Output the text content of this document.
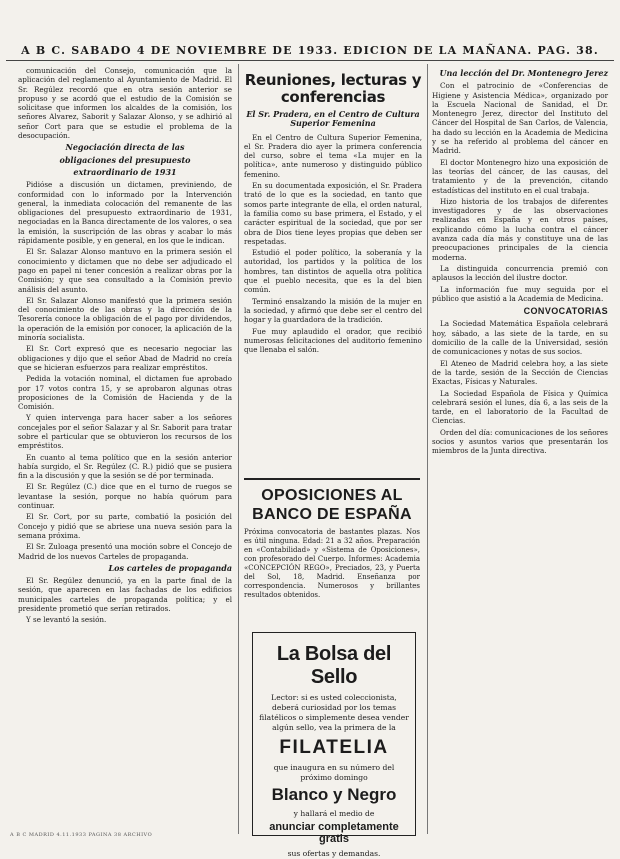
A B C. SABADO 4 DE NOVIEMBRE DE 1933. EDICION DE LA MAÑANA. PAG. 38.

comunicación del Consejo, comunicación que la aplicación del reglamento al Ayuntamiento de Madrid. El Sr. Regúlez recordó que en otra sesión anterior se propuso y se acordó que el estudio de la Comisión se solicitase que informen los alcaldes de la comisión, los señores Alvarez, Saborit y Salazar Alonso, y se adhirió al señor Cort para que se estudie el problema de la desocupación.

Negociación directa de las
obligaciones del presupuesto
extraordinario de 1931

Pidióse a discusión un dictamen, previniendo, de conformidad con lo informado por la Intervención general, la inmediata colocación del remanente de las obligaciones del presupuesto extraordinario de 1931, negociadas en la Banca directamente de los valores, o sea la emisión, la suscripción de las obras y acabar lo más rápidamente posible, y en general, en los que le indican.

El Sr. Salazar Alonso mantuvo en la primera sesión el conocimiento y dictamen que no debe ser adjudicado el pago en papel ni tener concesión a realizar obras por la Comisión; y que sea consultado a la Comisión previo análisis del asunto.

El Sr. Salazar Alonso manifestó que la primera sesión del conocimiento de las obras y la dirección de la Tesorería conoce la obligación de el pago por dividendos, la operación de la emisión por conocer, la aplicación de la minoría socialista.

El Sr. Cort expresó que es necesario negociar las obligaciones y dijo que el señor Abad de Madrid no creía que se hicieran esfuerzos para realizar empréstitos.

Pedida la votación nominal, el dictamen fue aprobado por 17 votos contra 15, y se aprobaron algunas otras proposiciones de la Comisión de Hacienda y de la Comisión.

Y quien intervenga para hacer saber a los señores concejales por el señor Salazar y al Sr. Saborit para tratar sobre el particular que se obtuvieron los recursos de los empréstitos.

En cuanto al tema político que en la sesión anterior había surgido, el Sr. Regúlez (C. R.) pidió que se pusiera fin a la discusión y que la sesión se dé por terminada.

El Sr. Regúlez (C.) dice que en el turno de ruegos se levantase la sesión, porque no había quórum para continuar.

El Sr. Cort, por su parte, combatió la posición del Concejo y pidió que se abriese una nueva sesión para la semana próxima.

El Sr. Zuloaga presentó una moción sobre el Concejo de Madrid de los nuevos Carteles de propaganda.

Los carteles de propaganda

El Sr. Regúlez denunció, ya en la parte final de la sesión, que aparecen en las fachadas de los edificios municipales carteles de propaganda política; y el presidente prometió que serían retirados.

Y se levantó la sesión.

Reuniones, lecturas y conferencias
El Sr. Pradera, en el Centro de Cultura Superior Femenina

En el Centro de Cultura Superior Femenina, el Sr. Pradera dio ayer la primera conferencia del curso, sobre el tema «La mujer en la política», ante numeroso y distinguido público femenino.

En su documentada exposición, el Sr. Pradera trató de lo que es la sociedad, en tanto que somos parte integrante de ella, el orden natural, la familia como su base primera, el Estado, y el carácter espiritual de la sociedad, que por ser obra de Dios tiene leyes propias que deben ser respetadas.

Estudió el poder político, la soberanía y la autoridad, los partidos y la política de los hombres, tan distintos de aquella otra política que el pueblo necesita, que es la del bien común.

Terminó ensalzando la misión de la mujer en la sociedad, y afirmó que debe ser el centro del hogar y la guardadora de la tradición.

Fue muy aplaudido el orador, que recibió numerosas felicitaciones del auditorio femenino que llenaba el salón.

OPOSICIONES AL BANCO DE ESPAÑA
Próxima convocatoria de bastantes plazas. Nos es útil ninguna. Edad: 21 a 32 años. Preparación en «Contabilidad» y «Sistema de Oposiciones», con profesorado del Cuerpo. Informes: Academia «CONCEPCIÓN REGO», Preciados, 23, y Puerta del Sol, 18, Madrid. Enseñanza por correspondencia. Numerosos y brillantes resultados obtenidos.
La Bolsa del Sello
Lector: si es usted coleccionista, deberá curiosidad por los temas filatélicos o simplemente desea vender algún sello, vea la primera de la
FILATELIA
que inaugura en su número del próximo domingo
Blanco y Negro
y hallará el medio de
anunciar completamente gratis
sus ofertas y demandas.
Una lección del Dr. Montenegro Jerez

Con el patrocinio de «Conferencias de Higiene y Asistencia Médica», organizado por la Escuela Nacional de Sanidad, el Dr. Montenegro Jerez, director del Instituto del Cáncer del Hospital de San Carlos, de Valencia, ha dado su lección en la Academia de Medicina y se ha referido al problema del cáncer en Madrid.

El doctor Montenegro hizo una exposición de las teorías del cáncer, de las causas, del tratamiento y de la prevención, citando estadísticas del instituto en el cual trabaja.

Hizo historia de los trabajos de diferentes investigadores y de las observaciones realizadas en España y en otros países, explicando cómo la lucha contra el cáncer avanza cada día más y constituye una de las preocupaciones principales de la ciencia moderna.

La distinguida concurrencia premió con aplausos la lección del ilustre doctor.

La información fue muy seguida por el público que asistió a la Academia de Medicina.

CONVOCATORIAS

La Sociedad Matemática Española celebrará hoy, sábado, a las siete de la tarde, en su domicilio de la calle de la Universidad, sesión de comunicaciones y notas de sus socios.

El Ateneo de Madrid celebra hoy, a las siete de la tarde, sesión de la Sección de Ciencias Exactas, Físicas y Naturales.

La Sociedad Española de Física y Química celebrará sesión el lunes, día 6, a las seis de la tarde, en el laboratorio de la Facultad de Ciencias.

Orden del día: comunicaciones de los señores socios y asuntos varios que presentarán los miembros de la Junta directiva.

A B C MADRID 4.11.1933 PAGINA 38 ARCHIVO
